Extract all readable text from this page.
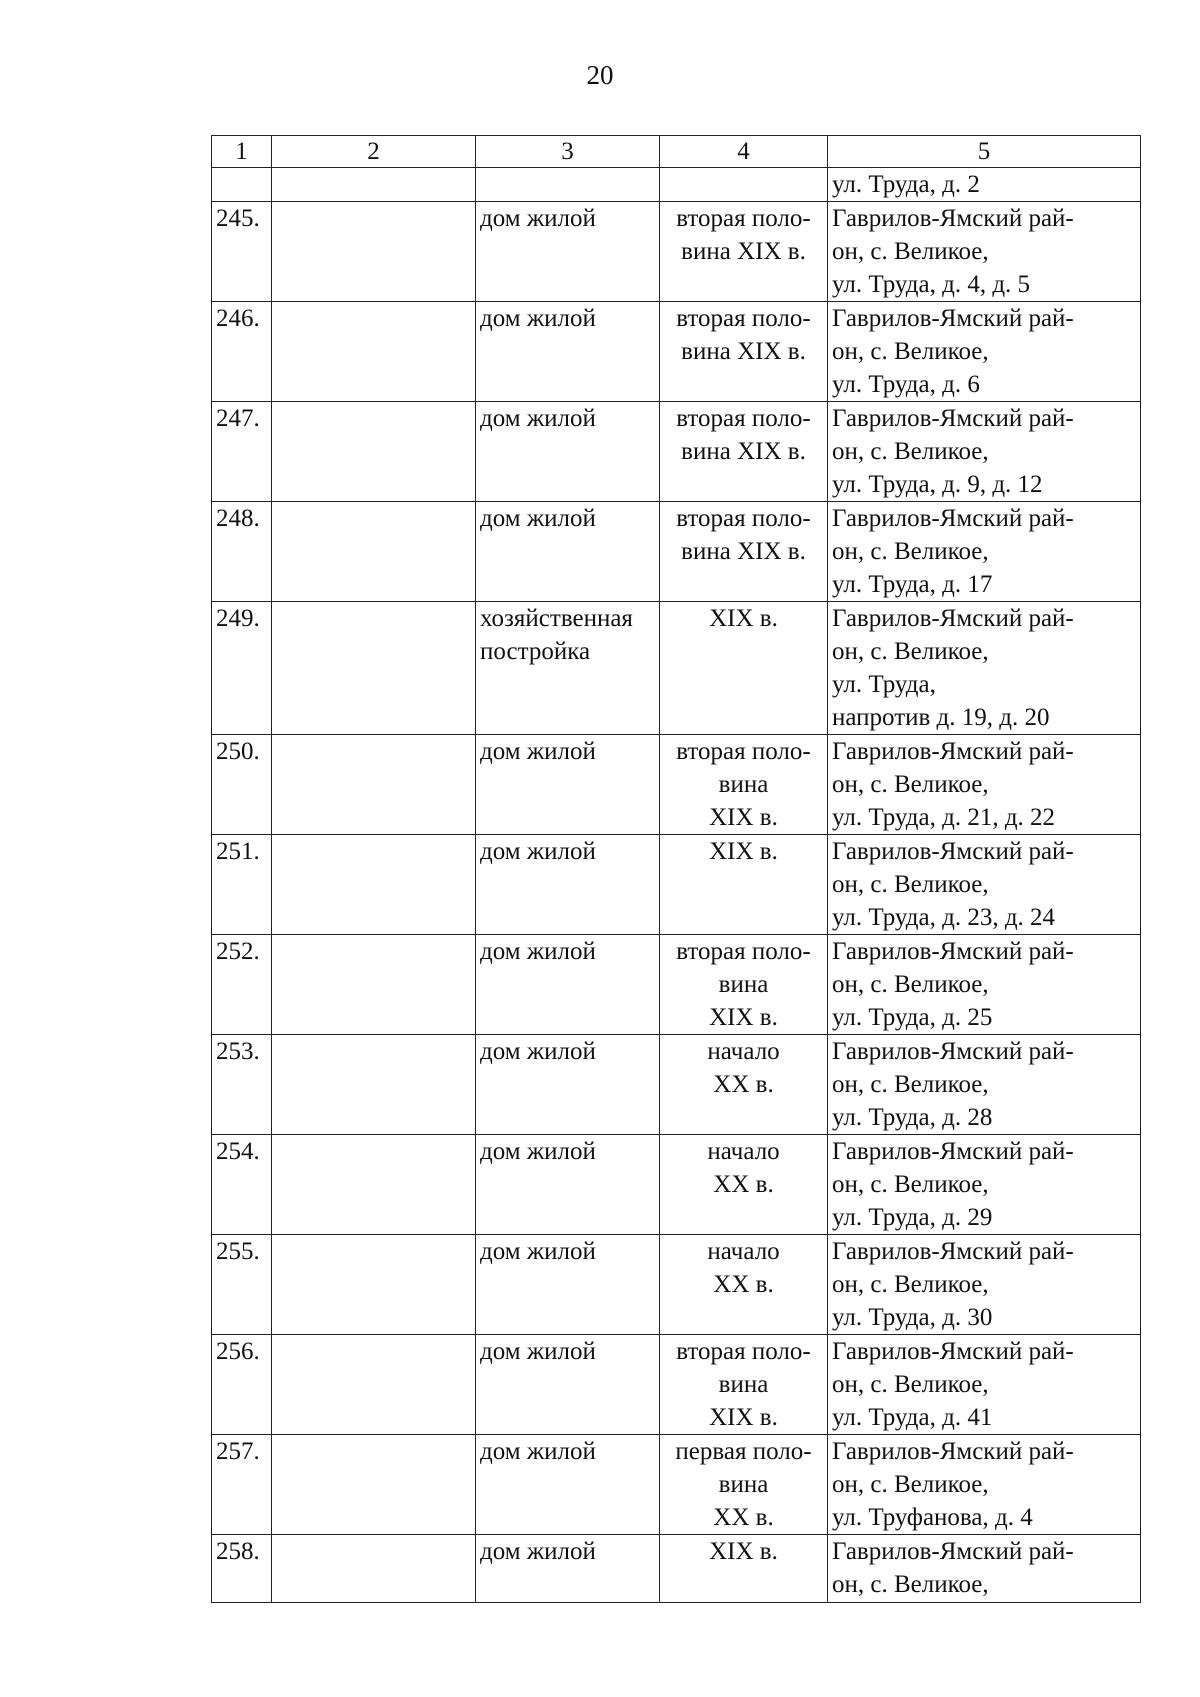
20
1	2	3	4	5

				ул. Труда, д. 2

245.		дом жилой	вторая поло-
вина XIX в.	Гаврилов-Ямский рай-
он, с. Великое,
ул. Труда, д. 4, д. 5

246.		дом жилой	вторая поло-
вина XIX в.	Гаврилов-Ямский рай-
он, с. Великое,
ул. Труда, д. 6

247.		дом жилой	вторая поло-
вина XIX в.	Гаврилов-Ямский рай-
он, с. Великое,
ул. Труда, д. 9, д. 12

248.		дом жилой	вторая поло-
вина XIX в.	Гаврилов-Ямский рай-
он, с. Великое,
ул. Труда, д. 17

249.		хозяйственная
постройка	XIX в.	Гаврилов-Ямский рай-
он, с. Великое,
ул. Труда,
напротив д. 19, д. 20

250.		дом жилой	вторая поло-
вина
XIX в.	Гаврилов-Ямский рай-
он, с. Великое,
ул. Труда, д. 21, д. 22

251.		дом жилой	XIX в.	Гаврилов-Ямский рай-
он, с. Великое,
ул. Труда, д. 23, д. 24

252.		дом жилой	вторая поло-
вина
XIX в.	Гаврилов-Ямский рай-
он, с. Великое,
ул. Труда, д. 25

253.		дом жилой	начало
XX в.	Гаврилов-Ямский рай-
он, с. Великое,
ул. Труда, д. 28

254.		дом жилой	начало
XX в.	Гаврилов-Ямский рай-
он, с. Великое,
ул. Труда, д. 29

255.		дом жилой	начало
XX в.	Гаврилов-Ямский рай-
он, с. Великое,
ул. Труда, д. 30

256.		дом жилой	вторая поло-
вина
XIX в.	Гаврилов-Ямский рай-
он, с. Великое,
ул. Труда, д. 41

257.		дом жилой	первая поло-
вина
XX в.	Гаврилов-Ямский рай-
он, с. Великое,
ул. Труфанова, д. 4

258.		дом жилой	XIX в.	Гаврилов-Ямский рай-
он, с. Великое,
